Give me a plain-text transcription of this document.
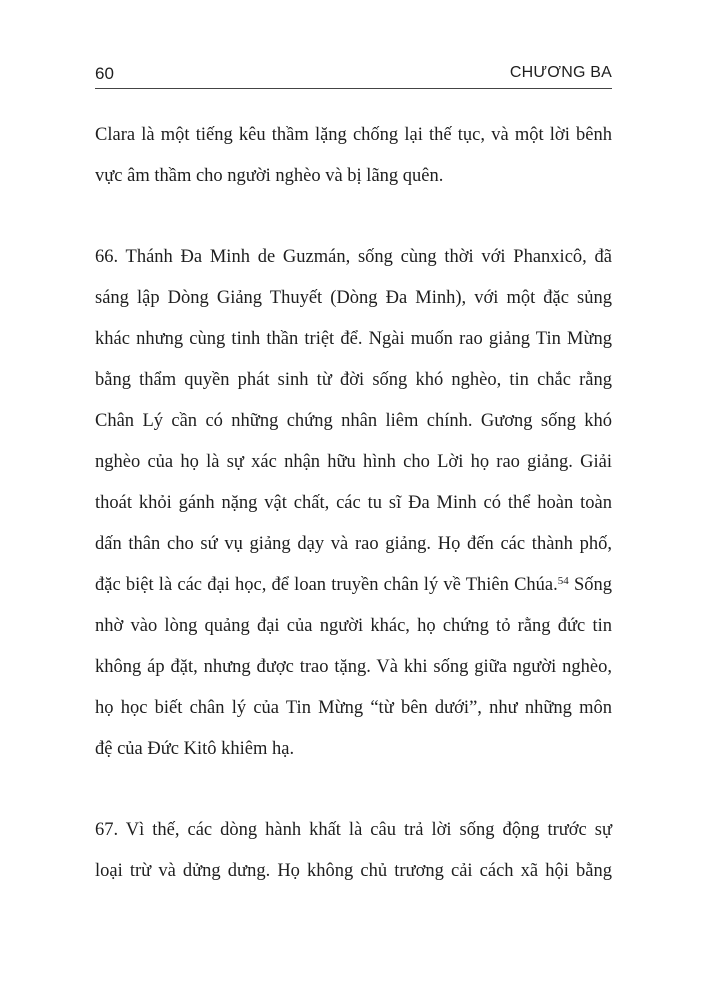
60	CHƯƠNG BA
Clara là một tiếng kêu thầm lặng chống lại thế tục, và một lời bênh
vực âm thầm cho người nghèo và bị lãng quên.
66. Thánh Đa Minh de Guzmán, sống cùng thời với Phanxicô, đã
sáng lập Dòng Giảng Thuyết (Dòng Đa Minh), với một đặc sủng
khác nhưng cùng tinh thần triệt để. Ngài muốn rao giảng Tin Mừng
bằng thẩm quyền phát sinh từ đời sống khó nghèo, tin chắc rằng
Chân Lý cần có những chứng nhân liêm chính. Gương sống khó
nghèo của họ là sự xác nhận hữu hình cho Lời họ rao giảng. Giải
thoát khỏi gánh nặng vật chất, các tu sĩ Đa Minh có thể hoàn toàn
dấn thân cho sứ vụ giảng dạy và rao giảng. Họ đến các thành phố,
đặc biệt là các đại học, để loan truyền chân lý về Thiên Chúa.$^{54}$ Sống
nhờ vào lòng quảng đại của người khác, họ chứng tỏ rằng đức tin
không áp đặt, nhưng được trao tặng. Và khi sống giữa người nghèo,
họ học biết chân lý của Tin Mừng “từ bên dưới”, như những môn
đệ của Đức Kitô khiêm hạ.
67. Vì thế, các dòng hành khất là câu trả lời sống động trước sự
loại trừ và dửng dưng. Họ không chủ trương cải cách xã hội bằng
